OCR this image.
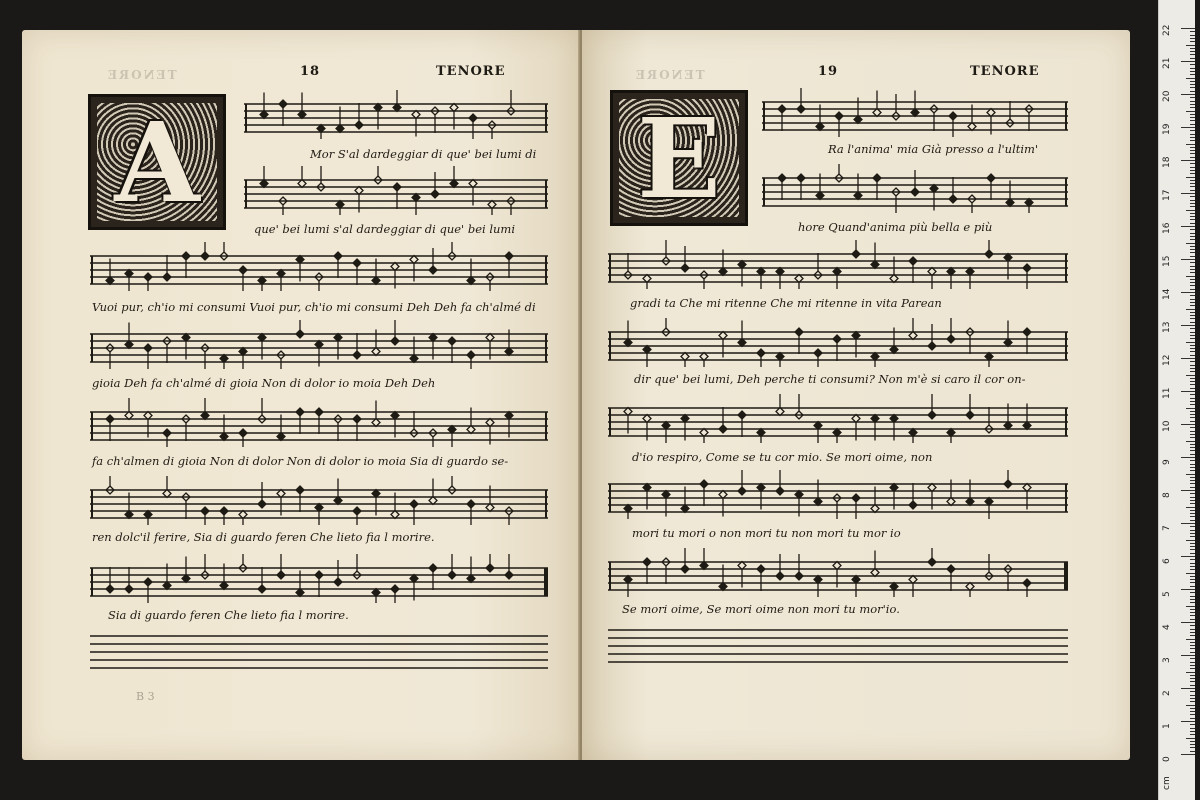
TENORE	18	TENORE
A	Mor S'al dardeggiar di que' bei lumi di
que' bei lumi s'al dardeggiar di que' bei lumi
Vuoi pur, ch'io mi consumi Vuoi pur, ch'io mi consumi Deh Deh fa ch'almé di
gioia Deh fa ch'almé di gioia Non di dolor io moia Deh Deh
fa ch'almen di gioia Non di dolor Non di dolor io moia Sia di guardo se-
ren dolc'il ferire, Sia di guardo feren Che lieto fia l morire.
Sia di guardo feren Che lieto fia l morire.
B 3
TENORE	19	TENORE
E	Ra l'anima' mia Già presso a l'ultim'
hore Quand'anima più bella e più
gradi ta Che mi ritenne Che mi ritenne in vita Parean
dir que' bei lumi, Deh perche ti consumi? Non m'è si caro il cor on-
d'io respiro, Come se tu cor mio. Se mori oime, non
mori tu mori o non mori tu non mori tu mor io
Se mori oime, Se mori oime non mori tu mor'io.
22
21
20
19
18
17
16
15
14
13
12
11
10
9
8
7
6
5
4
3
2
1
0
cm
